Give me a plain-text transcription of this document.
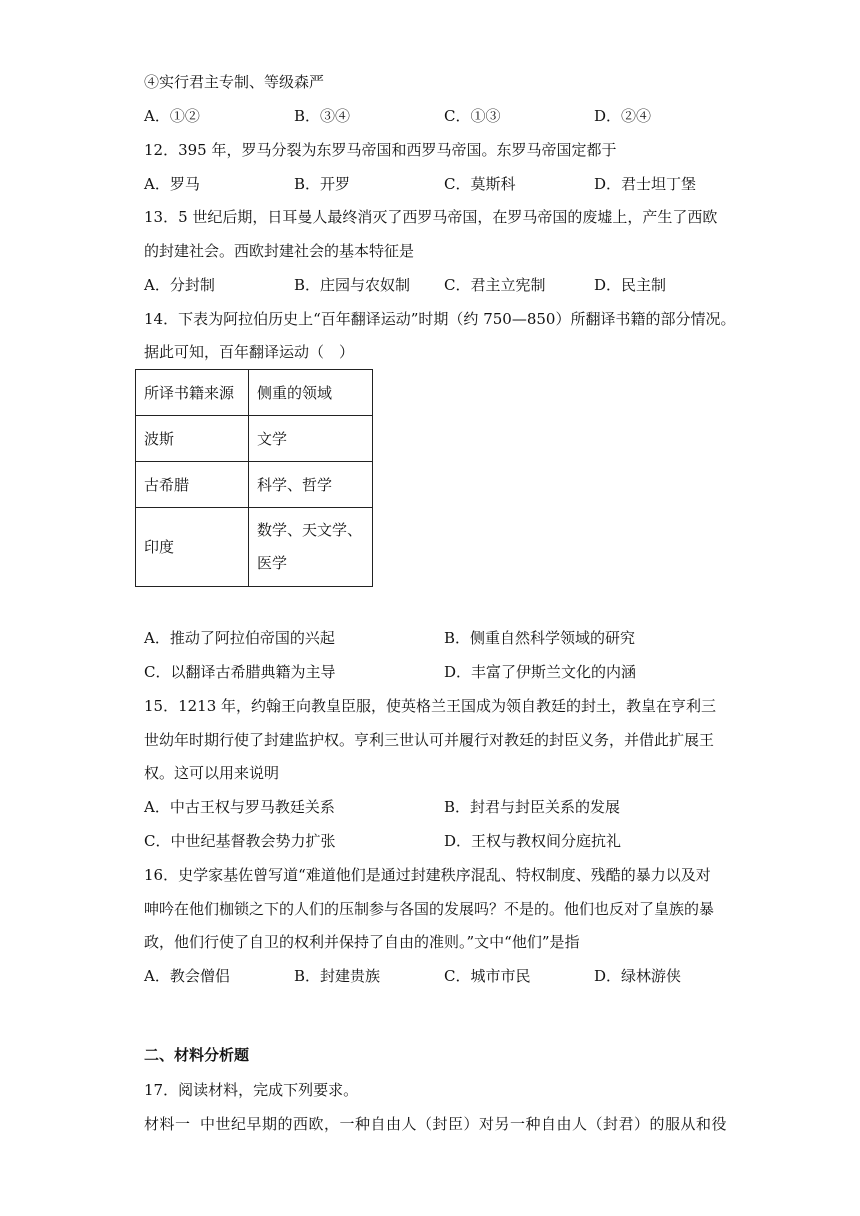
④实行君主专制、等级森严
A．①②	B．③④	C．①③	D．②④
12．395 年，罗马分裂为东罗马帝国和西罗马帝国。东罗马帝国定都于
A．罗马	B．开罗	C．莫斯科	D．君士坦丁堡
13．5 世纪后期，日耳曼人最终消灭了西罗马帝国，在罗马帝国的废墟上，产生了西欧
的封建社会。西欧封建社会的基本特征是
A．分封制	B．庄园与农奴制 C．君主立宪制	D．民主制
14．下表为阿拉伯历史上“百年翻译运动”时期（约 750—850）所翻译书籍的部分情况。
据此可知，百年翻译运动（　）
所译书籍来源	侧重的领域
波斯	文学
古希腊	科学、哲学
印度	数学、天文学、
医学
A．推动了阿拉伯帝国的兴起	B．侧重自然科学领域的研究
C．以翻译古希腊典籍为主导	D．丰富了伊斯兰文化的内涵
15．1213 年，约翰王向教皇臣服，使英格兰王国成为领自教廷的封土，教皇在亨利三
世幼年时期行使了封建监护权。亨利三世认可并履行对教廷的封臣义务，并借此扩展王
权。这可以用来说明
A．中古王权与罗马教廷关系	B．封君与封臣关系的发展
C．中世纪基督教会势力扩张	D．王权与教权间分庭抗礼
16．史学家基佐曾写道“难道他们是通过封建秩序混乱、特权制度、残酷的暴力以及对
呻吟在他们枷锁之下的人们的压制参与各国的发展吗？不是的。他们也反对了皇族的暴
政，他们行使了自卫的权利并保持了自由的准则。”文中“他们”是指
A．教会僧侣	B．封建贵族	C．城市市民	D．绿林游侠
二、材料分析题
17．阅读材料，完成下列要求。
材料一 中世纪早期的西欧，一种自由人（封臣）对另一种自由人（封君）的服从和役
